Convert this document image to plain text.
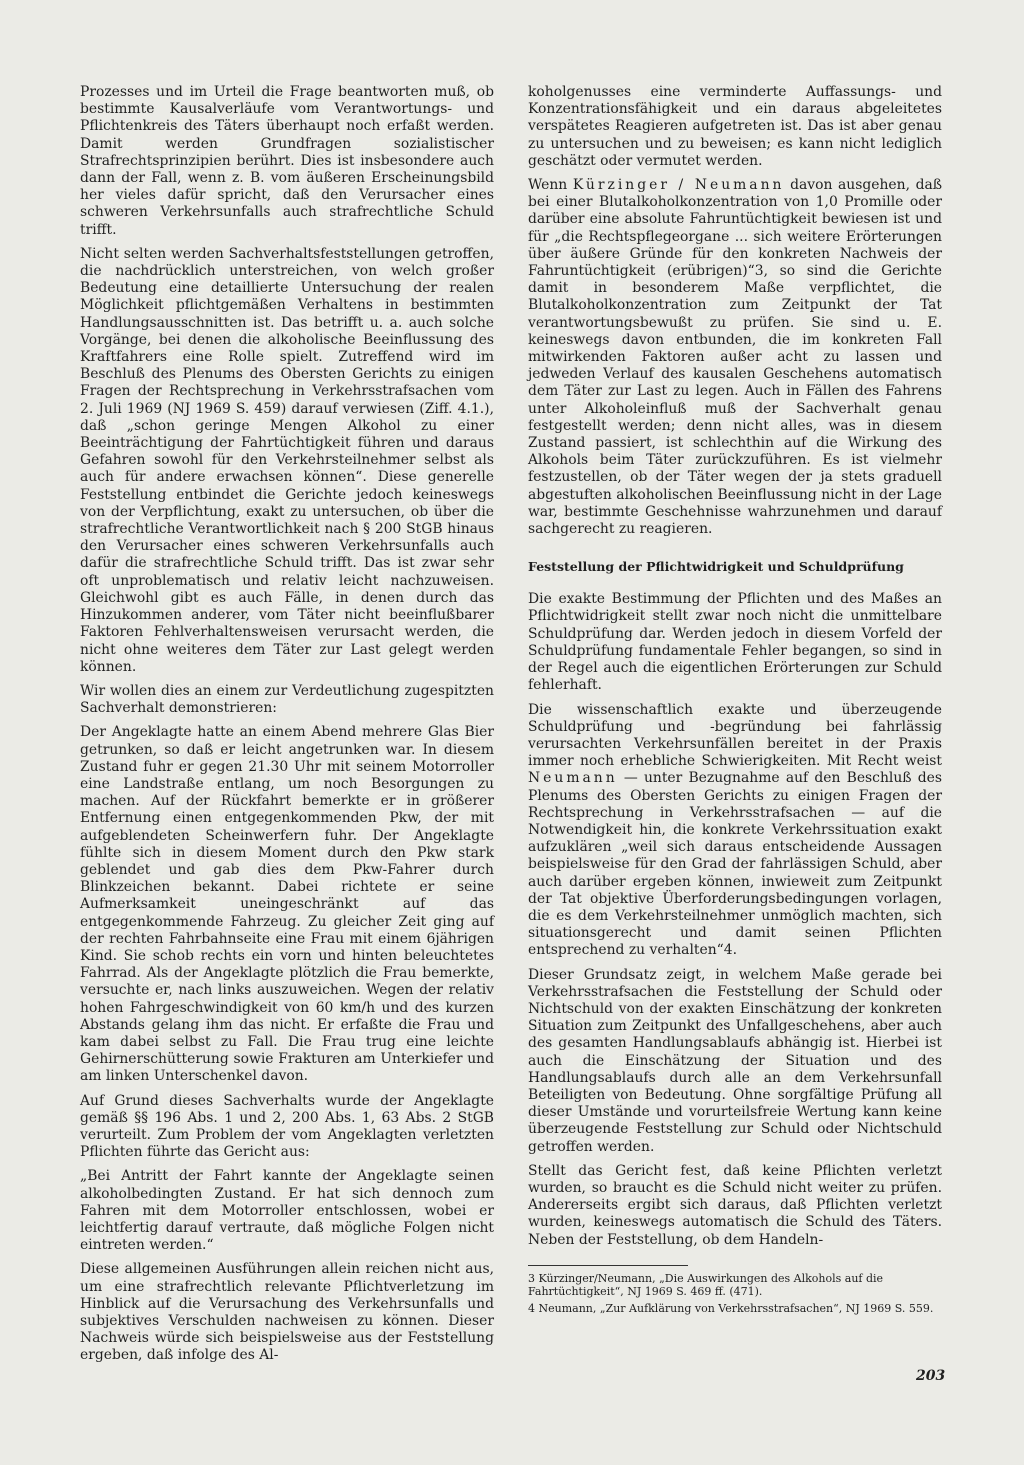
Prozesses und im Urteil die Frage beantworten muß, ob bestimmte Kausalverläufe vom Verantwortungs- und Pflichtenkreis des Täters überhaupt noch erfaßt werden. Damit werden Grundfragen sozialistischer Strafrechtsprinzipien berührt. Dies ist insbesondere auch dann der Fall, wenn z. B. vom äußeren Erscheinungsbild her vieles dafür spricht, daß den Verursacher eines schweren Verkehrsunfalls auch strafrechtliche Schuld trifft.

Nicht selten werden Sachverhaltsfeststellungen getroffen, die nachdrücklich unterstreichen, von welch großer Bedeutung eine detaillierte Untersuchung der realen Möglichkeit pflichtgemäßen Verhaltens in bestimmten Handlungsausschnitten ist. Das betrifft u. a. auch solche Vorgänge, bei denen die alkoholische Beeinflussung des Kraftfahrers eine Rolle spielt. Zutreffend wird im Beschluß des Plenums des Obersten Gerichts zu einigen Fragen der Rechtsprechung in Verkehrsstrafsachen vom 2. Juli 1969 (NJ 1969 S. 459) darauf verwiesen (Ziff. 4.1.), daß „schon geringe Mengen Alkohol zu einer Beeinträchtigung der Fahrtüchtigkeit führen und daraus Gefahren sowohl für den Verkehrsteilnehmer selbst als auch für andere erwachsen können“. Diese generelle Feststellung entbindet die Gerichte jedoch keineswegs von der Verpflichtung, exakt zu untersuchen, ob über die strafrechtliche Verantwortlichkeit nach § 200 StGB hinaus den Verursacher eines schweren Verkehrsunfalls auch dafür die strafrechtliche Schuld trifft. Das ist zwar sehr oft unproblematisch und relativ leicht nachzuweisen. Gleichwohl gibt es auch Fälle, in denen durch das Hinzukommen anderer, vom Täter nicht beeinflußbarer Faktoren Fehlverhaltensweisen verursacht werden, die nicht ohne weiteres dem Täter zur Last gelegt werden können.

Wir wollen dies an einem zur Verdeutlichung zugespitzten Sachverhalt demonstrieren:

Der Angeklagte hatte an einem Abend mehrere Glas Bier getrunken, so daß er leicht angetrunken war. In diesem Zustand fuhr er gegen 21.30 Uhr mit seinem Motorroller eine Landstraße entlang, um noch Besorgungen zu machen. Auf der Rückfahrt bemerkte er in größerer Entfernung einen entgegenkommenden Pkw, der mit aufgeblendeten Scheinwerfern fuhr. Der Angeklagte fühlte sich in diesem Moment durch den Pkw stark geblendet und gab dies dem Pkw-Fahrer durch Blinkzeichen bekannt. Dabei richtete er seine Aufmerksamkeit uneingeschränkt auf das entgegenkommende Fahrzeug. Zu gleicher Zeit ging auf der rechten Fahrbahnseite eine Frau mit einem 6jährigen Kind. Sie schob rechts ein vorn und hinten beleuchtetes Fahrrad. Als der Angeklagte plötzlich die Frau bemerkte, versuchte er, nach links auszuweichen. Wegen der relativ hohen Fahrgeschwindigkeit von 60 km/h und des kurzen Abstands gelang ihm das nicht. Er erfaßte die Frau und kam dabei selbst zu Fall. Die Frau trug eine leichte Gehirnerschütterung sowie Frakturen am Unterkiefer und am linken Unterschenkel davon.

Auf Grund dieses Sachverhalts wurde der Angeklagte gemäß §§ 196 Abs. 1 und 2, 200 Abs. 1, 63 Abs. 2 StGB verurteilt. Zum Problem der vom Angeklagten verletzten Pflichten führte das Gericht aus:

„Bei Antritt der Fahrt kannte der Angeklagte seinen alkoholbedingten Zustand. Er hat sich dennoch zum Fahren mit dem Motorroller entschlossen, wobei er leichtfertig darauf vertraute, daß mögliche Folgen nicht eintreten werden.“

Diese allgemeinen Ausführungen allein reichen nicht aus, um eine strafrechtlich relevante Pflichtverletzung im Hinblick auf die Verursachung des Verkehrsunfalls und subjektives Verschulden nachweisen zu können. Dieser Nachweis würde sich beispielsweise aus der Feststellung ergeben, daß infolge des Al-

koholgenusses eine verminderte Auffassungs- und Konzentrationsfähigkeit und ein daraus abgeleitetes verspätetes Reagieren aufgetreten ist. Das ist aber genau zu untersuchen und zu beweisen; es kann nicht lediglich geschätzt oder vermutet werden.

Wenn Kürzinger / Neumann davon ausgehen, daß bei einer Blutalkoholkonzentration von 1,0 Promille oder darüber eine absolute Fahruntüchtigkeit bewiesen ist und für „die Rechtspflegeorgane ... sich weitere Erörterungen über äußere Gründe für den konkreten Nachweis der Fahruntüchtigkeit (erübrigen)“3, so sind die Gerichte damit in besonderem Maße verpflichtet, die Blutalkoholkonzentration zum Zeitpunkt der Tat verantwortungsbewußt zu prüfen. Sie sind u. E. keineswegs davon entbunden, die im konkreten Fall mitwirkenden Faktoren außer acht zu lassen und jedweden Verlauf des kausalen Geschehens automatisch dem Täter zur Last zu legen. Auch in Fällen des Fahrens unter Alkoholeinfluß muß der Sachverhalt genau festgestellt werden; denn nicht alles, was in diesem Zustand passiert, ist schlechthin auf die Wirkung des Alkohols beim Täter zurückzuführen. Es ist vielmehr festzustellen, ob der Täter wegen der ja stets graduell abgestuften alkoholischen Beeinflussung nicht in der Lage war, bestimmte Geschehnisse wahrzunehmen und darauf sachgerecht zu reagieren.

Feststellung der Pflichtwidrigkeit und Schuldprüfung

Die exakte Bestimmung der Pflichten und des Maßes an Pflichtwidrigkeit stellt zwar noch nicht die unmittelbare Schuldprüfung dar. Werden jedoch in diesem Vorfeld der Schuldprüfung fundamentale Fehler begangen, so sind in der Regel auch die eigentlichen Erörterungen zur Schuld fehlerhaft.

Die wissenschaftlich exakte und überzeugende Schuldprüfung und -begründung bei fahrlässig verursachten Verkehrsunfällen bereitet in der Praxis immer noch erhebliche Schwierigkeiten. Mit Recht weist Neumann — unter Bezugnahme auf den Beschluß des Plenums des Obersten Gerichts zu einigen Fragen der Rechtsprechung in Verkehrsstrafsachen — auf die Notwendigkeit hin, die konkrete Verkehrssituation exakt aufzuklären „weil sich daraus entscheidende Aussagen beispielsweise für den Grad der fahrlässigen Schuld, aber auch darüber ergeben können, inwieweit zum Zeitpunkt der Tat objektive Überforderungsbedingungen vorlagen, die es dem Verkehrsteilnehmer unmöglich machten, sich situationsgerecht und damit seinen Pflichten entsprechend zu verhalten“4.

Dieser Grundsatz zeigt, in welchem Maße gerade bei Verkehrsstrafsachen die Feststellung der Schuld oder Nichtschuld von der exakten Einschätzung der konkreten Situation zum Zeitpunkt des Unfallgeschehens, aber auch des gesamten Handlungsablaufs abhängig ist. Hierbei ist auch die Einschätzung der Situation und des Handlungsablaufs durch alle an dem Verkehrsunfall Beteiligten von Bedeutung. Ohne sorgfältige Prüfung all dieser Umstände und vorurteilsfreie Wertung kann keine überzeugende Feststellung zur Schuld oder Nichtschuld getroffen werden.

Stellt das Gericht fest, daß keine Pflichten verletzt wurden, so braucht es die Schuld nicht weiter zu prüfen. Andererseits ergibt sich daraus, daß Pflichten verletzt wurden, keineswegs automatisch die Schuld des Täters. Neben der Feststellung, ob dem Handeln-

3 Kürzinger/Neumann, „Die Auswirkungen des Alkohols auf die Fahrtüchtigkeit“, NJ 1969 S. 469 ff. (471).

4 Neumann, „Zur Aufklärung von Verkehrsstrafsachen“, NJ 1969 S. 559.

203
